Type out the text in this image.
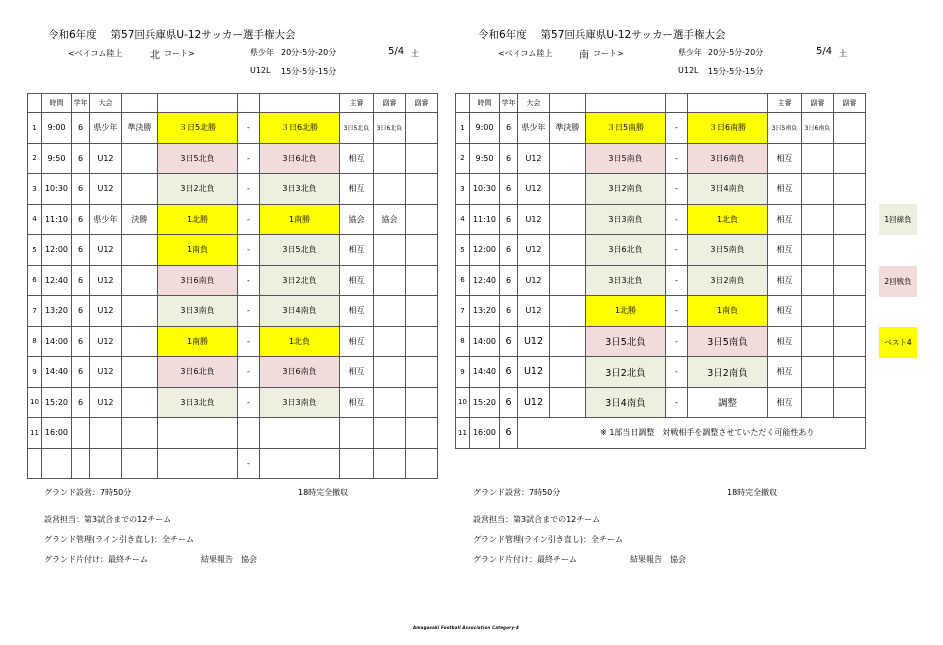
令和6年度　 第57回兵庫県U-12サッカー選手権大会
<ベイコム陸上	北 コート>	県少年 20分-5分-20分
U12L 15分-5分-15分
5/4 土
令和6年度　 第57回兵庫県U-12サッカー選手権大会
<ベイコム陸上	南 コート>	県少年 20分-5分-20分
U12L 15分-5分-15分
5/4 土
	時間	学年	大会					主審	副審	副審
1	9:00	6	県少年	準決勝	３日5北勝	-	３日6北勝	3日5北負	3日6北負	
2	9:50	6	U12		3日5北負	-	3日6北負	相互		
3	10:30	6	U12		3日2北負	-	3日3北負	相互		
4	11:10	6	県少年	決勝	1北勝	-	1南勝	協会	協会	
5	12:00	6	U12		1南負	-	3日5北負	相互		
6	12:40	6	U12		3日6南負	-	3日2北負	相互		
7	13:20	6	U12		3日3南負	-	3日4南負	相互		
8	14:00	6	U12		1南勝	-	1北負	相互		
9	14:40	6	U12		3日6北負	-	3日6南負	相互		
10	15:20	6	U12		3日3北負	-	3日3南負	相互		
11	16:00									
						-				
	時間	学年	大会					主審	副審	副審
1	9:00	6	県少年	準決勝	３日5南勝	-	３日6南勝	3日5南負	3日6南負	
2	9:50	6	U12		3日5南負	-	3日6南負	相互		
3	10:30	6	U12		3日2南負	-	3日4南負	相互		
4	11:10	6	U12		3日3南負	-	1北負	相互		
5	12:00	6	U12		3日6北負	-	3日5南負	相互		
6	12:40	6	U12		3日3北負	-	3日2南負	相互		
7	13:20	6	U12		1北勝	-	1南負	相互		
8	14:00	6	U12		3日5北負	-	3日5南負	相互		
9	14:40	6	U12		3日2北負	-	3日2南負	相互		
10	15:20	6	U12		3日4南負	-	調整	相互		
11	16:00	6		※ 1部当日調整　対戦相手を調整させていただく可能性あり						
1回線負
2回戦負
ベスト4
グランド設営：7時50分	18時完全撤収
設営担当：第3試合までの12チーム
グランド管理(ライン引き直し)：全チーム
グランド片付け：最終チーム	結果報告　協会
グランド設営：7時50分	18時完全撤収
設営担当：第3試合までの12チーム
グランド管理(ライン引き直し)：全チーム
グランド片付け：最終チーム	結果報告　協会
Amagasaki Football Association Category-4
